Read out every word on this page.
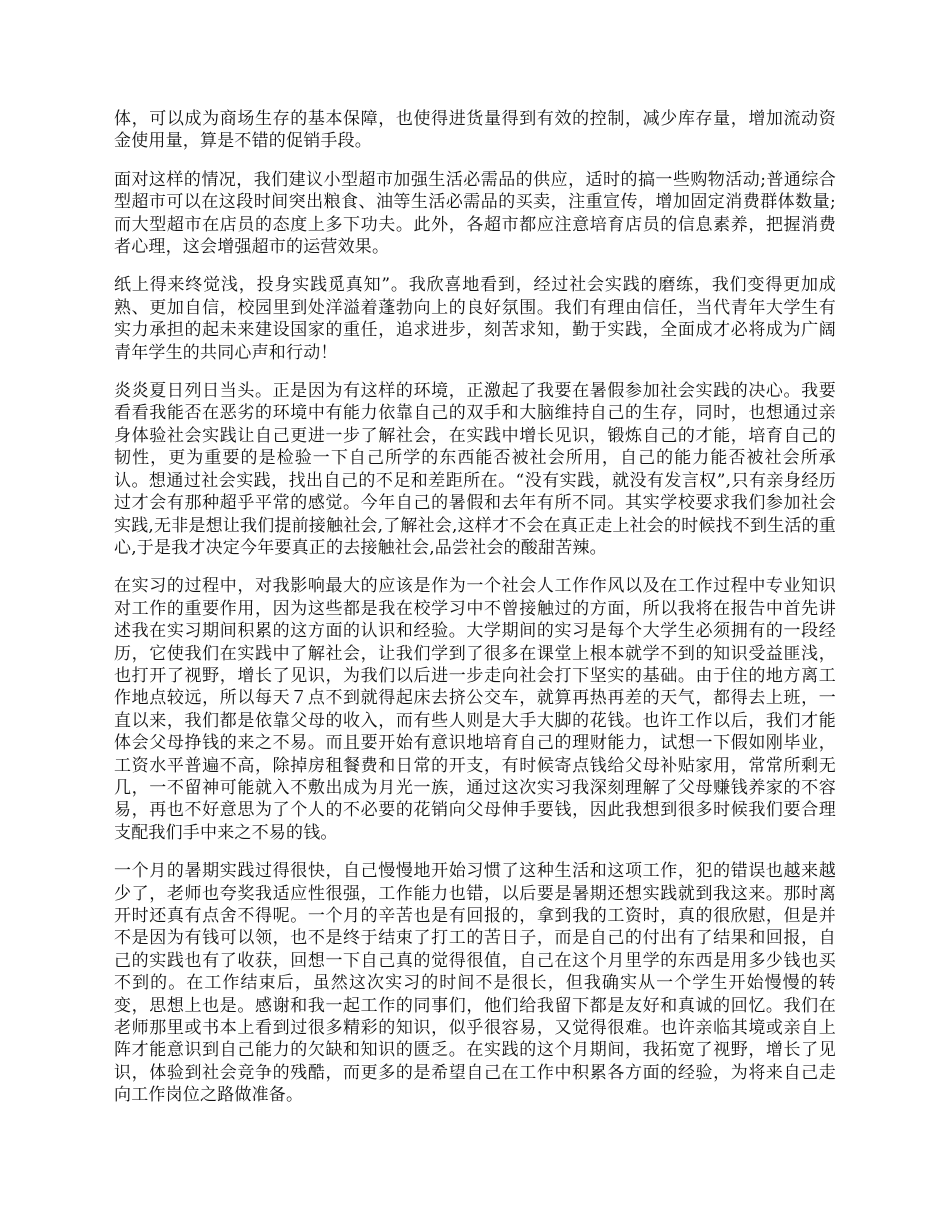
体，可以成为商场生存的基本保障，也使得进货量得到有效的控制，减少库存量，增加流动资金使用量，算是不错的促销手段。

面对这样的情况，我们建议小型超市加强生活必需品的供应，适时的搞一些购物活动;普通综合型超市可以在这段时间突出粮食、油等生活必需品的买卖，注重宣传，增加固定消费群体数量;而大型超市在店员的态度上多下功夫。此外，各超市都应注意培育店员的信息素养，把握消费者心理，这会增强超市的运营效果。

纸上得来终觉浅，投身实践觅真知”。我欣喜地看到，经过社会实践的磨练，我们变得更加成熟、更加自信，校园里到处洋溢着蓬勃向上的良好氛围。我们有理由信任，当代青年大学生有实力承担的起未来建设国家的重任，追求进步，刻苦求知，勤于实践，全面成才必将成为广阔青年学生的共同心声和行动！

炎炎夏日列日当头。正是因为有这样的环境，正激起了我要在暑假参加社会实践的决心。我要看看我能否在恶劣的环境中有能力依靠自己的双手和大脑维持自己的生存，同时，也想通过亲身体验社会实践让自己更进一步了解社会，在实践中增长见识，锻炼自己的才能，培育自己的韧性，更为重要的是检验一下自己所学的东西能否被社会所用，自己的能力能否被社会所承认。想通过社会实践，找出自己的不足和差距所在。“没有实践，就没有发言权”,只有亲身经历过才会有那种超乎平常的感觉。今年自己的暑假和去年有所不同。其实学校要求我们参加社会实践,无非是想让我们提前接触社会,了解社会,这样才不会在真正走上社会的时候找不到生活的重心,于是我才决定今年要真正的去接触社会,品尝社会的酸甜苦辣。

在实习的过程中，对我影响最大的应该是作为一个社会人工作作风以及在工作过程中专业知识对工作的重要作用，因为这些都是我在校学习中不曾接触过的方面，所以我将在报告中首先讲述我在实习期间积累的这方面的认识和经验。大学期间的实习是每个大学生必须拥有的一段经历，它使我们在实践中了解社会，让我们学到了很多在课堂上根本就学不到的知识受益匪浅，也打开了视野，增长了见识，为我们以后进一步走向社会打下坚实的基础。由于住的地方离工作地点较远，所以每天７点不到就得起床去挤公交车，就算再热再差的天气，都得去上班，一直以来，我们都是依靠父母的收入，而有些人则是大手大脚的花钱。也许工作以后，我们才能体会父母挣钱的来之不易。而且要开始有意识地培育自己的理财能力，试想一下假如刚毕业，工资水平普遍不高，除掉房租餐费和日常的开支，有时候寄点钱给父母补贴家用，常常所剩无几，一不留神可能就入不敷出成为月光一族，通过这次实习我深刻理解了父母赚钱养家的不容易，再也不好意思为了个人的不必要的花销向父母伸手要钱，因此我想到很多时候我们要合理支配我们手中来之不易的钱。

一个月的暑期实践过得很快，自己慢慢地开始习惯了这种生活和这项工作，犯的错误也越来越少了，老师也夸奖我适应性很强，工作能力也错，以后要是暑期还想实践就到我这来。那时离开时还真有点舍不得呢。一个月的辛苦也是有回报的，拿到我的工资时，真的很欣慰，但是并不是因为有钱可以领，也不是终于结束了打工的苦日子，而是自己的付出有了结果和回报，自己的实践也有了收获，回想一下自己真的觉得很值，自己在这个月里学的东西是用多少钱也买不到的。在工作结束后，虽然这次实习的时间不是很长，但我确实从一个学生开始慢慢的转变，思想上也是。感谢和我一起工作的同事们，他们给我留下都是友好和真诚的回忆。我们在老师那里或书本上看到过很多精彩的知识，似乎很容易，又觉得很难。也许亲临其境或亲自上阵才能意识到自己能力的欠缺和知识的匮乏。在实践的这个月期间，我拓宽了视野，增长了见识，体验到社会竞争的残酷，而更多的是希望自己在工作中积累各方面的经验，为将来自己走向工作岗位之路做准备。
